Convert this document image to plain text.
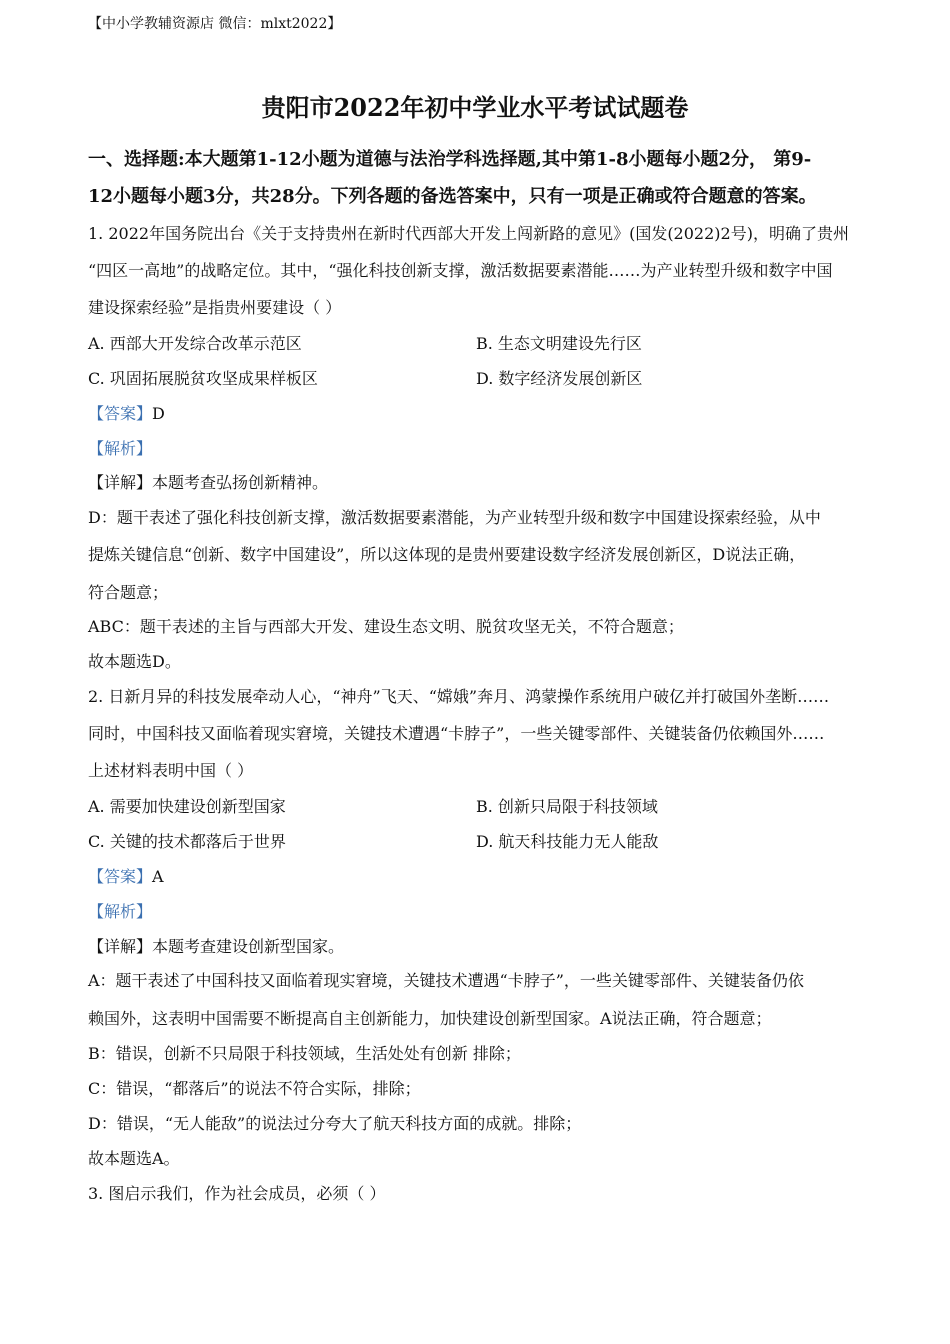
【中小学教辅资源店 微信：mlxt2022】
贵阳市2022年初中学业水平考试试题卷
一、选择题:本大题第1-12小题为道德与法治学科选择题,其中第1-8小题每小题2分， 第9-
12小题每小题3分，共28分。下列各题的备选答案中，只有一项是正确或符合题意的答案。
1. 2022年国务院出台《关于支持贵州在新时代西部大开发上闯新路的意见》(国发(2022)2号)，明确了贵州
“四区一高地”的战略定位。其中，“强化科技创新支撑，激活数据要素潜能……为产业转型升级和数字中国
建设探索经验”是指贵州要建设（ ）
A. 西部大开发综合改革示范区	B. 生态文明建设先行区
C. 巩固拓展脱贫攻坚成果样板区	D. 数字经济发展创新区
【答案】D
【解析】
【详解】本题考查弘扬创新精神。
D：题干表述了强化科技创新支撑，激活数据要素潜能，为产业转型升级和数字中国建设探索经验，从中
提炼关键信息“创新、数字中国建设”，所以这体现的是贵州要建设数字经济发展创新区，D说法正确，
符合题意；
ABC：题干表述的主旨与西部大开发、建设生态文明、脱贫攻坚无关，不符合题意；
故本题选D。
2. 日新月异的科技发展牵动人心，“神舟”飞天、“嫦娥”奔月、鸿蒙操作系统用户破亿并打破国外垄断……
同时，中国科技又面临着现实窘境，关键技术遭遇“卡脖子”，一些关键零部件、关键装备仍依赖国外……
上述材料表明中国（ ）
A. 需要加快建设创新型国家	B. 创新只局限于科技领域
C. 关键的技术都落后于世界	D. 航天科技能力无人能敌
【答案】A
【解析】
【详解】本题考查建设创新型国家。
A：题干表述了中国科技又面临着现实窘境，关键技术遭遇“卡脖子”，一些关键零部件、关键装备仍依
赖国外，这表明中国需要不断提高自主创新能力，加快建设创新型国家。A说法正确，符合题意；
B：错误，创新不只局限于科技领域，生活处处有创新 排除；
C：错误，“都落后”的说法不符合实际，排除；
D：错误，“无人能敌”的说法过分夸大了航天科技方面的成就。排除；
故本题选A。
3. 图启示我们，作为社会成员，必须（ ）
